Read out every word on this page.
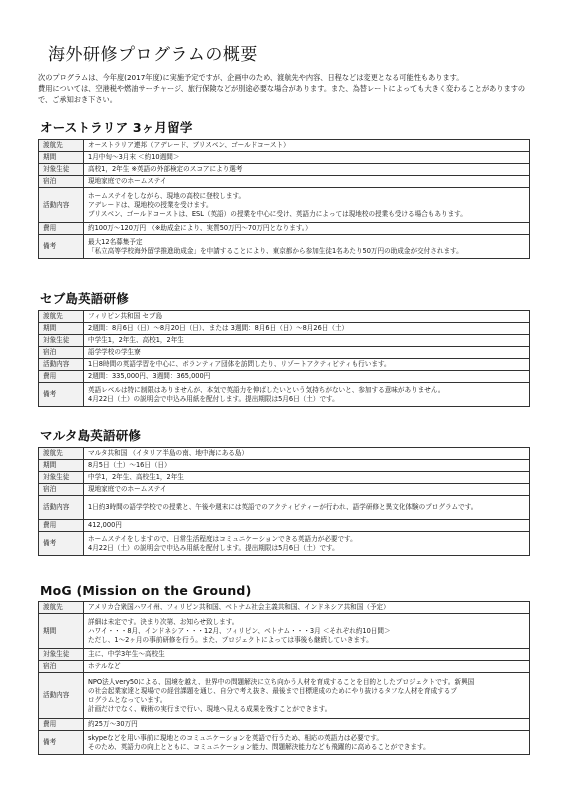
海外研修プログラムの概要

次のプログラムは、今年度(2017年度)に実施予定ですが、企画中のため、渡航先や内容、日程などは変更となる可能性もあります。

費用については、空港税や燃油サーチャージ、旅行保険などが別途必要な場合があります。また、為替レートによっても大きく変わることがありますので、ご承知おき下さい。

オーストラリア 3ヶ月留学
渡航先	オーストラリア連邦（アデレード、ブリスベン、ゴールドコースト）

期間	1月中旬～3月末 ＜約10週間＞

対象生徒	高校1，2年生 ※英語の外部検定のスコアにより選考

宿泊	現地家庭でのホームステイ

活動内容	ホームステイをしながら、現地の高校に登校します。
アデレードは、現地校の授業を受けます。
ブリスベン、ゴールドコーストは、ESL（英語）の授業を中心に受け、英語力によっては現地校の授業も受ける場合もあります。

費用	約100万～120万円 （※助成金により、実質50万円～70万円となります。）

備考	最大12名募集予定
「私立高等学校海外留学推進助成金」を申請することにより、東京都から参加生徒1名あたり50万円の助成金が交付されます。
セブ島英語研修
渡航先	フィリピン共和国 セブ島

期間	2週間：8月6日（日）～8月20日（日）、または 3週間：8月6日（日）～8月26日（土）

対象生徒	中学生1，2年生、高校1，2年生

宿泊	語学学校の学生寮

活動内容	1日8時間の英語学習を中心に、ボランティア団体を訪問したり、リゾートアクティビティも行います。

費用	2週間：335,000円、3週間：365,000円

備考	英語レベルは特に制限はありませんが、本気で英語力を伸ばしたいという気持ちがないと、参加する意味がありません。
4月22日（土）の説明会で申込み用紙を配付します。提出期限は5月6日（土）です。
マルタ島英語研修
渡航先	マルタ共和国 （イタリア半島の南、地中海にある島）

期間	8月5日（土）～16日（日）

対象生徒	中学1，2年生、高校生1，2年生

宿泊	現地家庭でのホームステイ

活動内容	1日約3時間の語学学校での授業と、午後や週末には英語でのアクティビティーが行われ、語学研修と異文化体験のプログラムです。

費用	412,000円

備考	ホームステイをしますので、日常生活程度はコミュニケーションできる英語力が必要です。
4月22日（土）の説明会で申込み用紙を配付します。提出期限は5月6日（土）です。
MoG (Mission on the Ground)
渡航先	アメリカ合衆国ハワイ州、フィリピン共和国、ベトナム社会主義共和国、インドネシア共和国（予定）

期間	詳細は未定です。決まり次第、お知らせ致します。
ハワイ・・・8月、インドネシア・・・12月、フィリピン、ベトナム・・・3月 ＜それぞれ約10日間＞
ただし、1～2ヶ月の事前研修を行う。また、プロジェクトによっては事後も継続していきます。

対象生徒	主に、中学3年生～高校生

宿泊	ホテルなど

活動内容	NPO法人very50による、国境を越え、世界中の問題解決に立ち向かう人材を育成することを目的としたプロジェクトです。新興国
の社会起業家達と現場での経営課題を通じ、自分で考え抜き、最後まで目標達成のためにやり抜けるタフな人材を育成するプ
ログラムとなっています。
計画だけでなく、戦術の実行まで行い、現地へ見える成果を残すことができます。

費用	約25万～30万円

備考	skypeなどを用い事前に現地とのコミュニケーションを英語で行うため、相応の英語力は必要です。
そのため、英語力の向上とともに、コミュニケーション能力、問題解決能力なども飛躍的に高めることができます。
